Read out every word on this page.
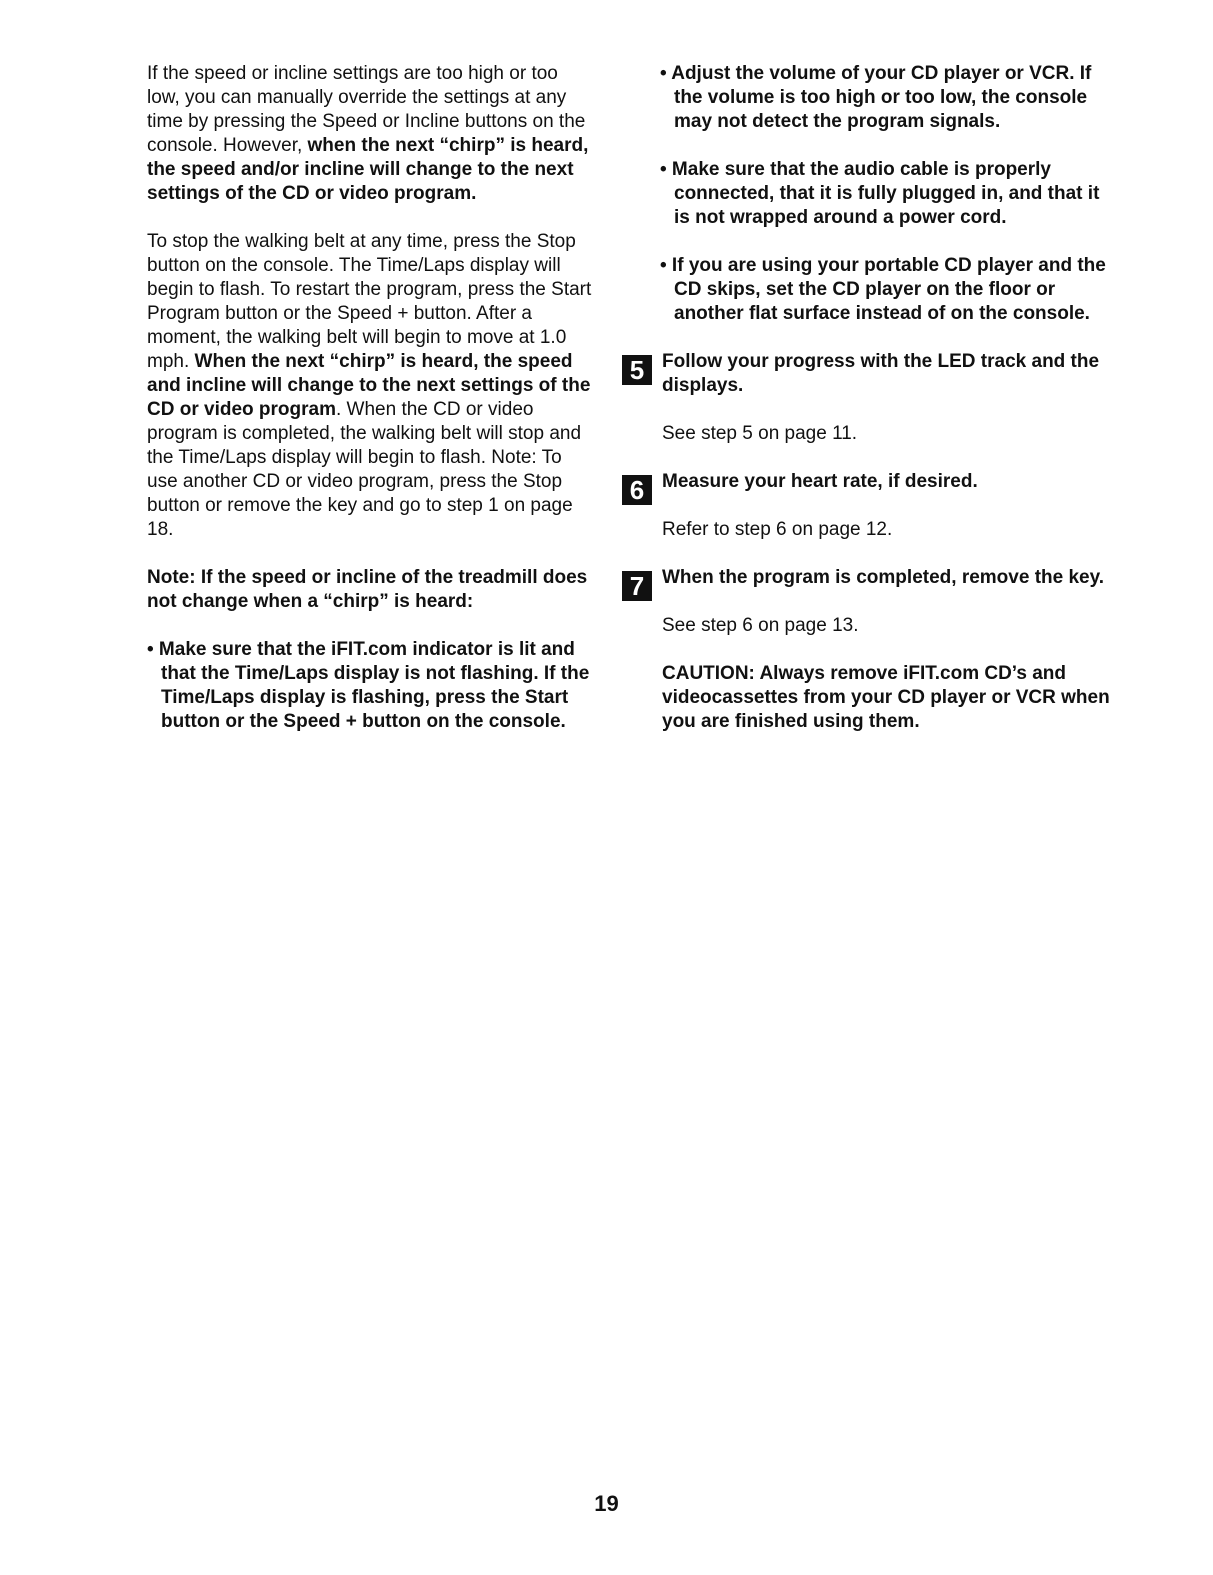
If the speed or incline settings are too high or too low, you can manually override the settings at any time by pressing the Speed or Incline buttons on the console. However, when the next “chirp” is heard, the speed and/or incline will change to the next settings of the CD or video program.

To stop the walking belt at any time, press the Stop button on the console. The Time/Laps display will begin to flash. To restart the program, press the Start Program button or the Speed + button. After a moment, the walking belt will begin to move at 1.0 mph. When the next “chirp” is heard, the speed and incline will change to the next settings of the CD or video program. When the CD or video program is completed, the walking belt will stop and the Time/Laps display will begin to flash. Note: To use another CD or video program, press the Stop button or remove the key and go to step 1 on page 18.

Note: If the speed or incline of the treadmill does not change when a “chirp” is heard:

• Make sure that the iFIT.com indicator is lit and that the Time/Laps display is not flashing. If the Time/Laps display is flashing, press the Start button or the Speed + button on the console.

• Adjust the volume of your CD player or VCR. If the volume is too high or too low, the console may not detect the program signals.

• Make sure that the audio cable is properly connected, that it is fully plugged in, and that it is not wrapped around a power cord.

• If you are using your portable CD player and the CD skips, set the CD player on the floor or another flat surface instead of on the console.

5 Follow your progress with the LED track and the displays.

See step 5 on page 11.

6 Measure your heart rate, if desired.

Refer to step 6 on page 12.

7 When the program is completed, remove the key.

See step 6 on page 13.

CAUTION: Always remove iFIT.com CD’s and videocassettes from your CD player or VCR when you are finished using them.

19
